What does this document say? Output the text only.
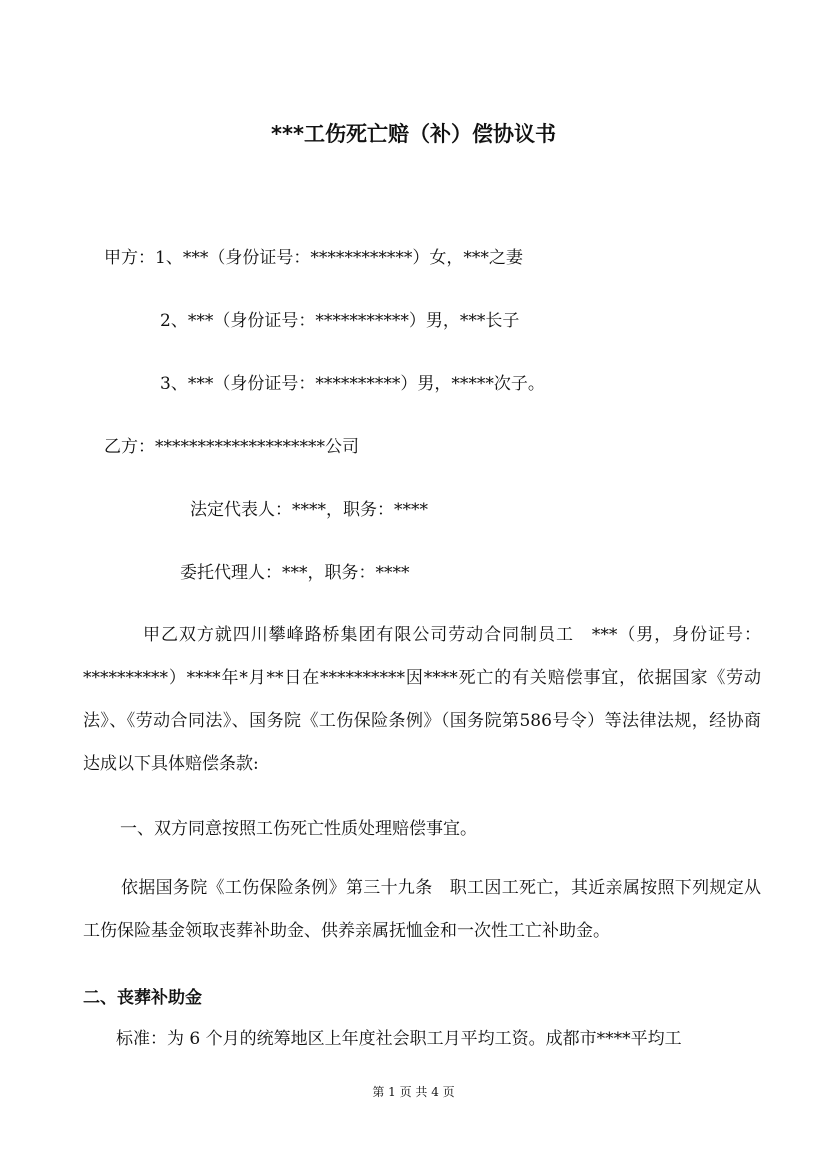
***工伤死亡赔（补）偿协议书
甲方：1、***（身份证号：************）女，***之妻
2、***（身份证号：***********）男，***长子
3、***（身份证号：**********）男，*****次子。
乙方：********************公司
法定代表人：****，职务：****
委托代理人：***，职务：****
甲乙双方就四川攀峰路桥集团有限公司劳动合同制员工　***（男，身份证号：**********）****年*月**日在**********因****死亡的有关赔偿事宜，依据国家《劳动法》、《劳动合同法》、国务院《工伤保险条例》（国务院第586号令）等法律法规，经协商达成以下具体赔偿条款:
一、双方同意按照工伤死亡性质处理赔偿事宜。
依据国务院《工伤保险条例》第三十九条　职工因工死亡，其近亲属按照下列规定从工伤保险基金领取丧葬补助金、供养亲属抚恤金和一次性工亡补助金。
二、丧葬补助金
标准：为 6 个月的统筹地区上年度社会职工月平均工资。成都市****平均工
第 1 页 共 4 页
